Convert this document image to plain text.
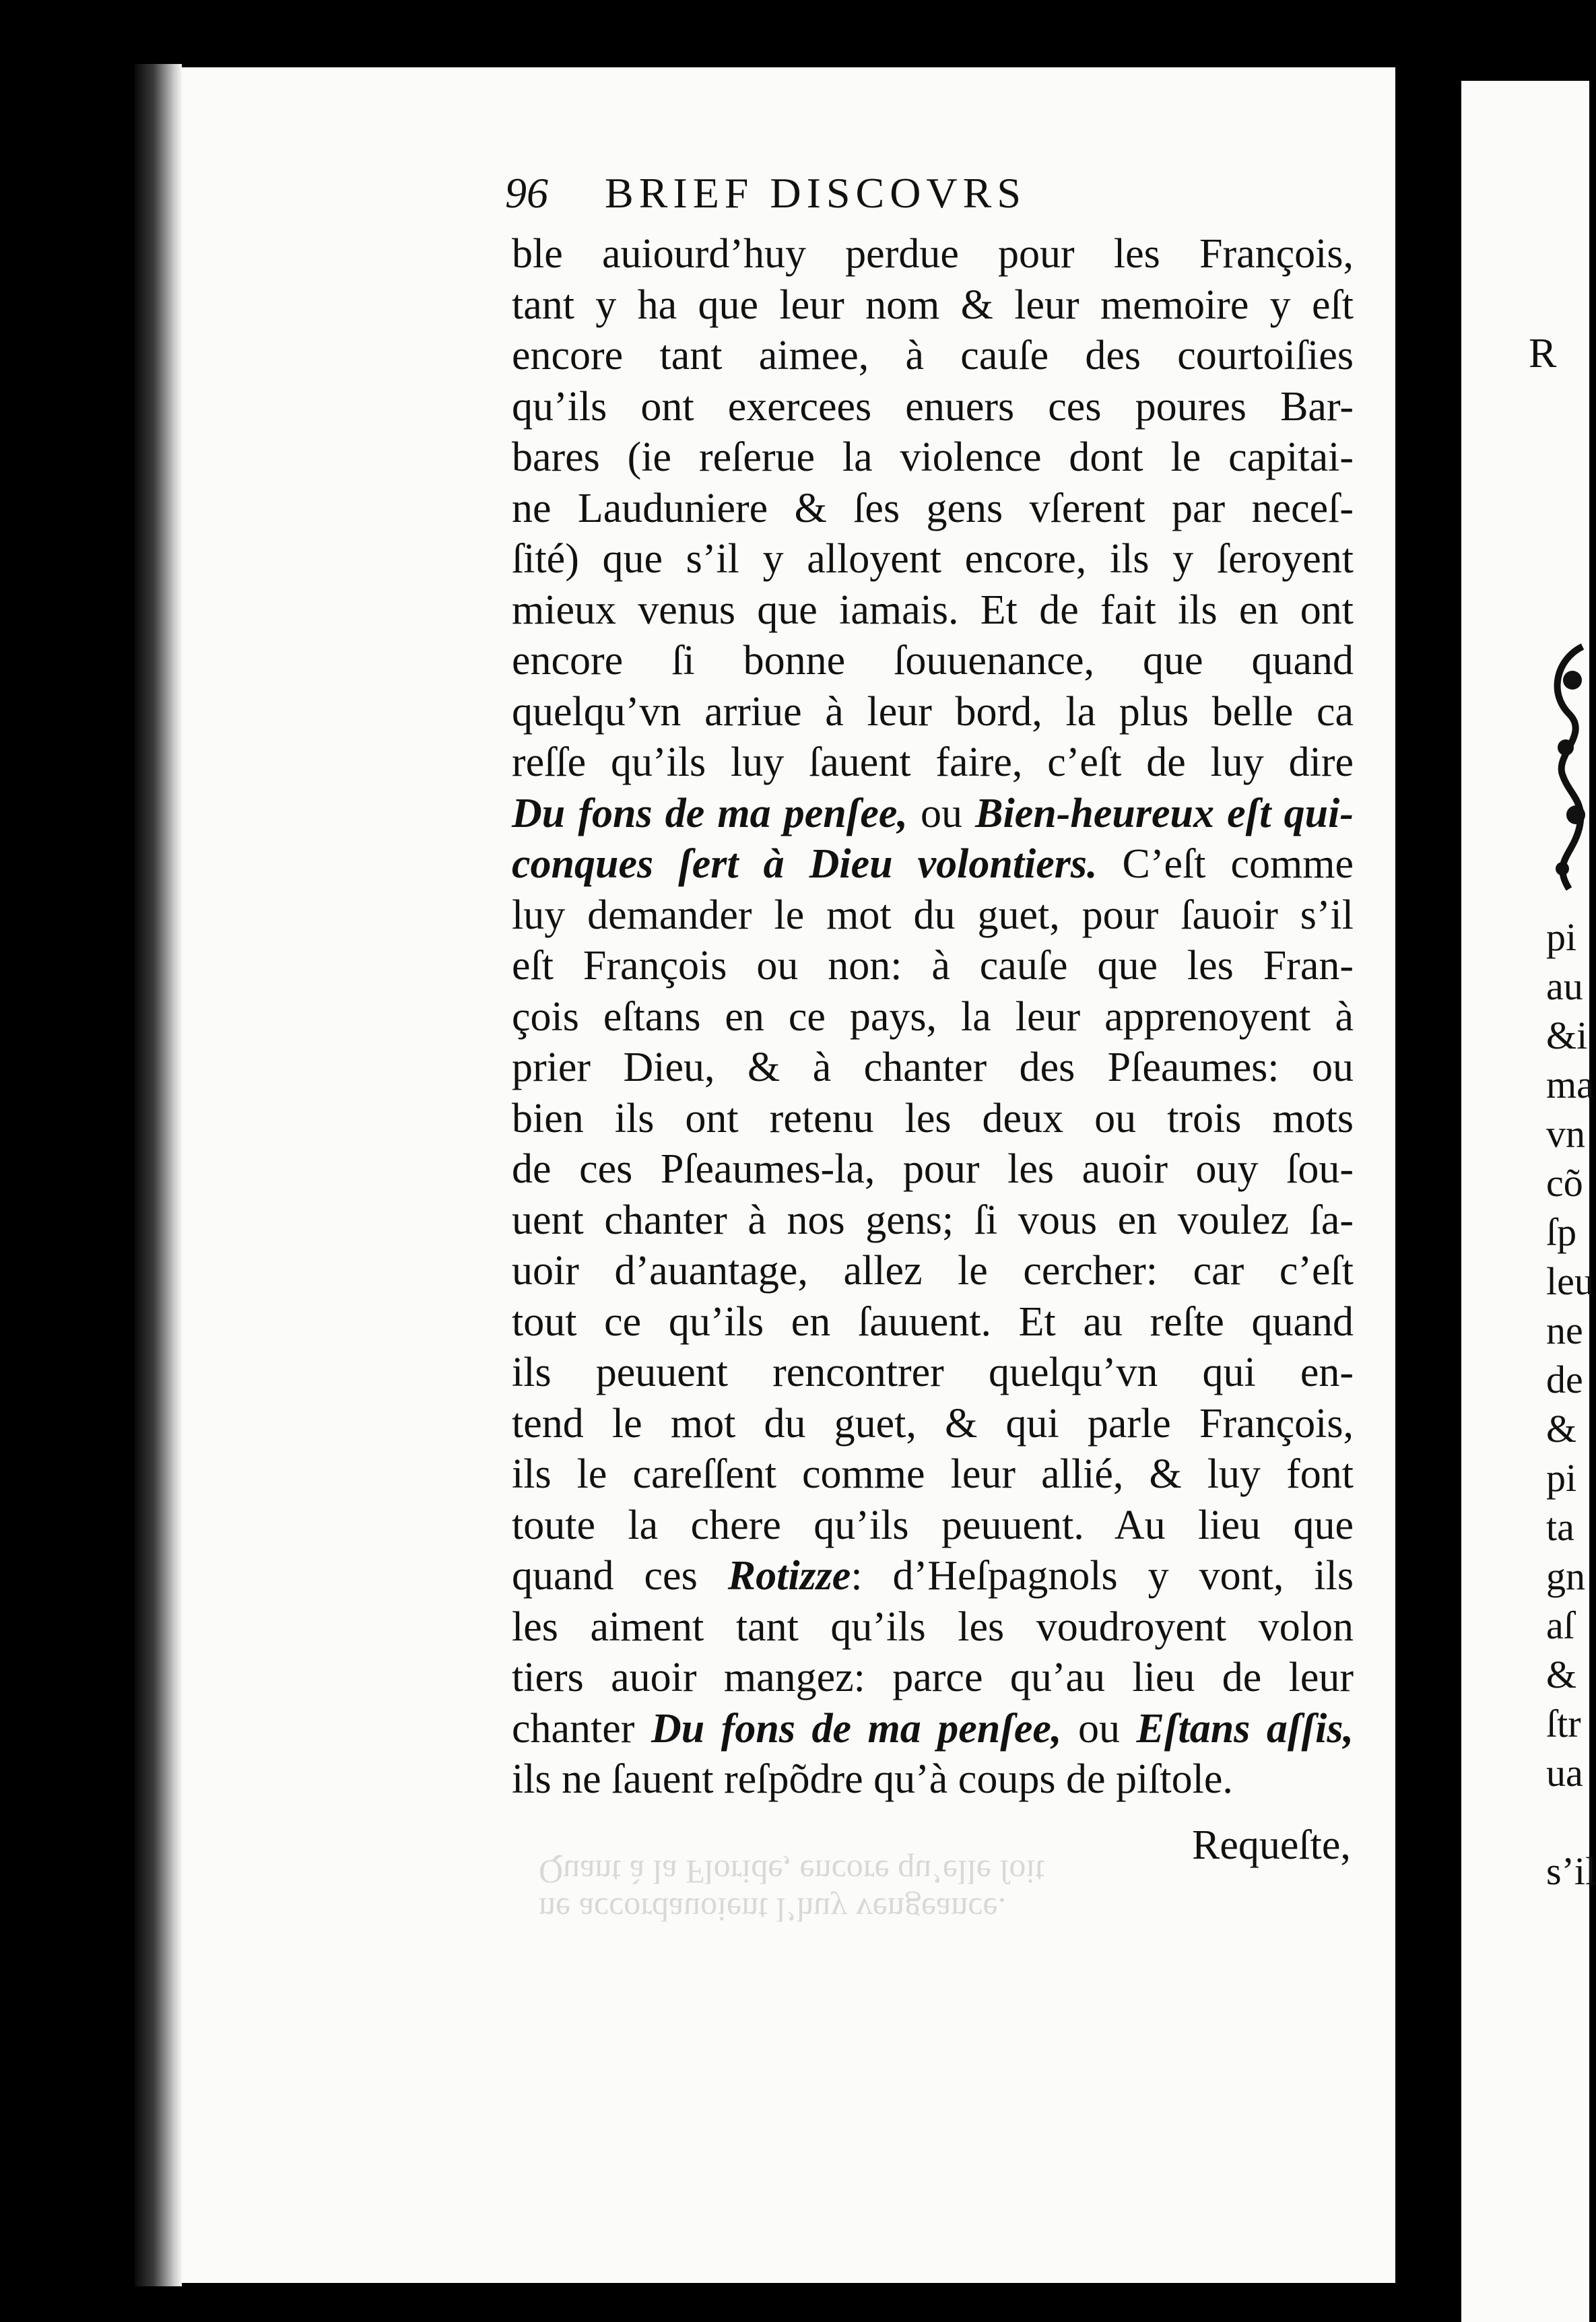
96 BRIEF DISCOVRS
ble auiourd’huy perdue pour les François,
tant y ha que leur nom & leur memoire y eſt
encore tant aimee, à cauſe des courtoiſies
qu’ils ont exercees enuers ces poures Bar-
bares (ie reſerue la violence dont le capitai-
ne Lauduniere & ſes gens vſerent par neceſ-
ſité) que s’il y alloyent encore, ils y ſeroyent
mieux venus que iamais. Et de fait ils en ont
encore ſi bonne ſouuenance, que quand
quelqu’vn arriue à leur bord, la plus belle ca
reſſe qu’ils luy ſauent faire, c’eſt de luy dire
Du fons de ma penſee, ou Bien-heureux eſt qui-
conques ſert à Dieu volontiers. C’eſt comme
luy demander le mot du guet, pour ſauoir s’il
eſt François ou non: à cauſe que les Fran-
çois eſtans en ce pays, la leur apprenoyent à
prier Dieu, & à chanter des Pſeaumes: ou
bien ils ont retenu les deux ou trois mots
de ces Pſeaumes-la, pour les auoir ouy ſou-
uent chanter à nos gens; ſi vous en voulez ſa-
uoir d’auantage, allez le cercher: car c’eſt
tout ce qu’ils en ſauuent. Et au reſte quand
ils peuuent rencontrer quelqu’vn qui en-
tend le mot du guet, & qui parle François,
ils le careſſent comme leur allié, & luy font
toute la chere qu’ils peuuent. Au lieu que
quand ces Rotizze: d’Heſpagnols y vont, ils
les aiment tant qu’ils les voudroyent volon
tiers auoir mangez: parce qu’au lieu de leur
chanter Du fons de ma penſee, ou Eſtans aſſis,
ils ne ſauent reſpõdre qu’à coups de piſtole.
Requeſte,
ne accordauoient l’huy vengeance.
Quant à la Floride, encore qu’elle ſoit
R
pi
au
&i
ma
vn
cõ
ſp
leu
ne
de
&
pi
ta
gn
aſ
&
ſtr
ua
s’il
